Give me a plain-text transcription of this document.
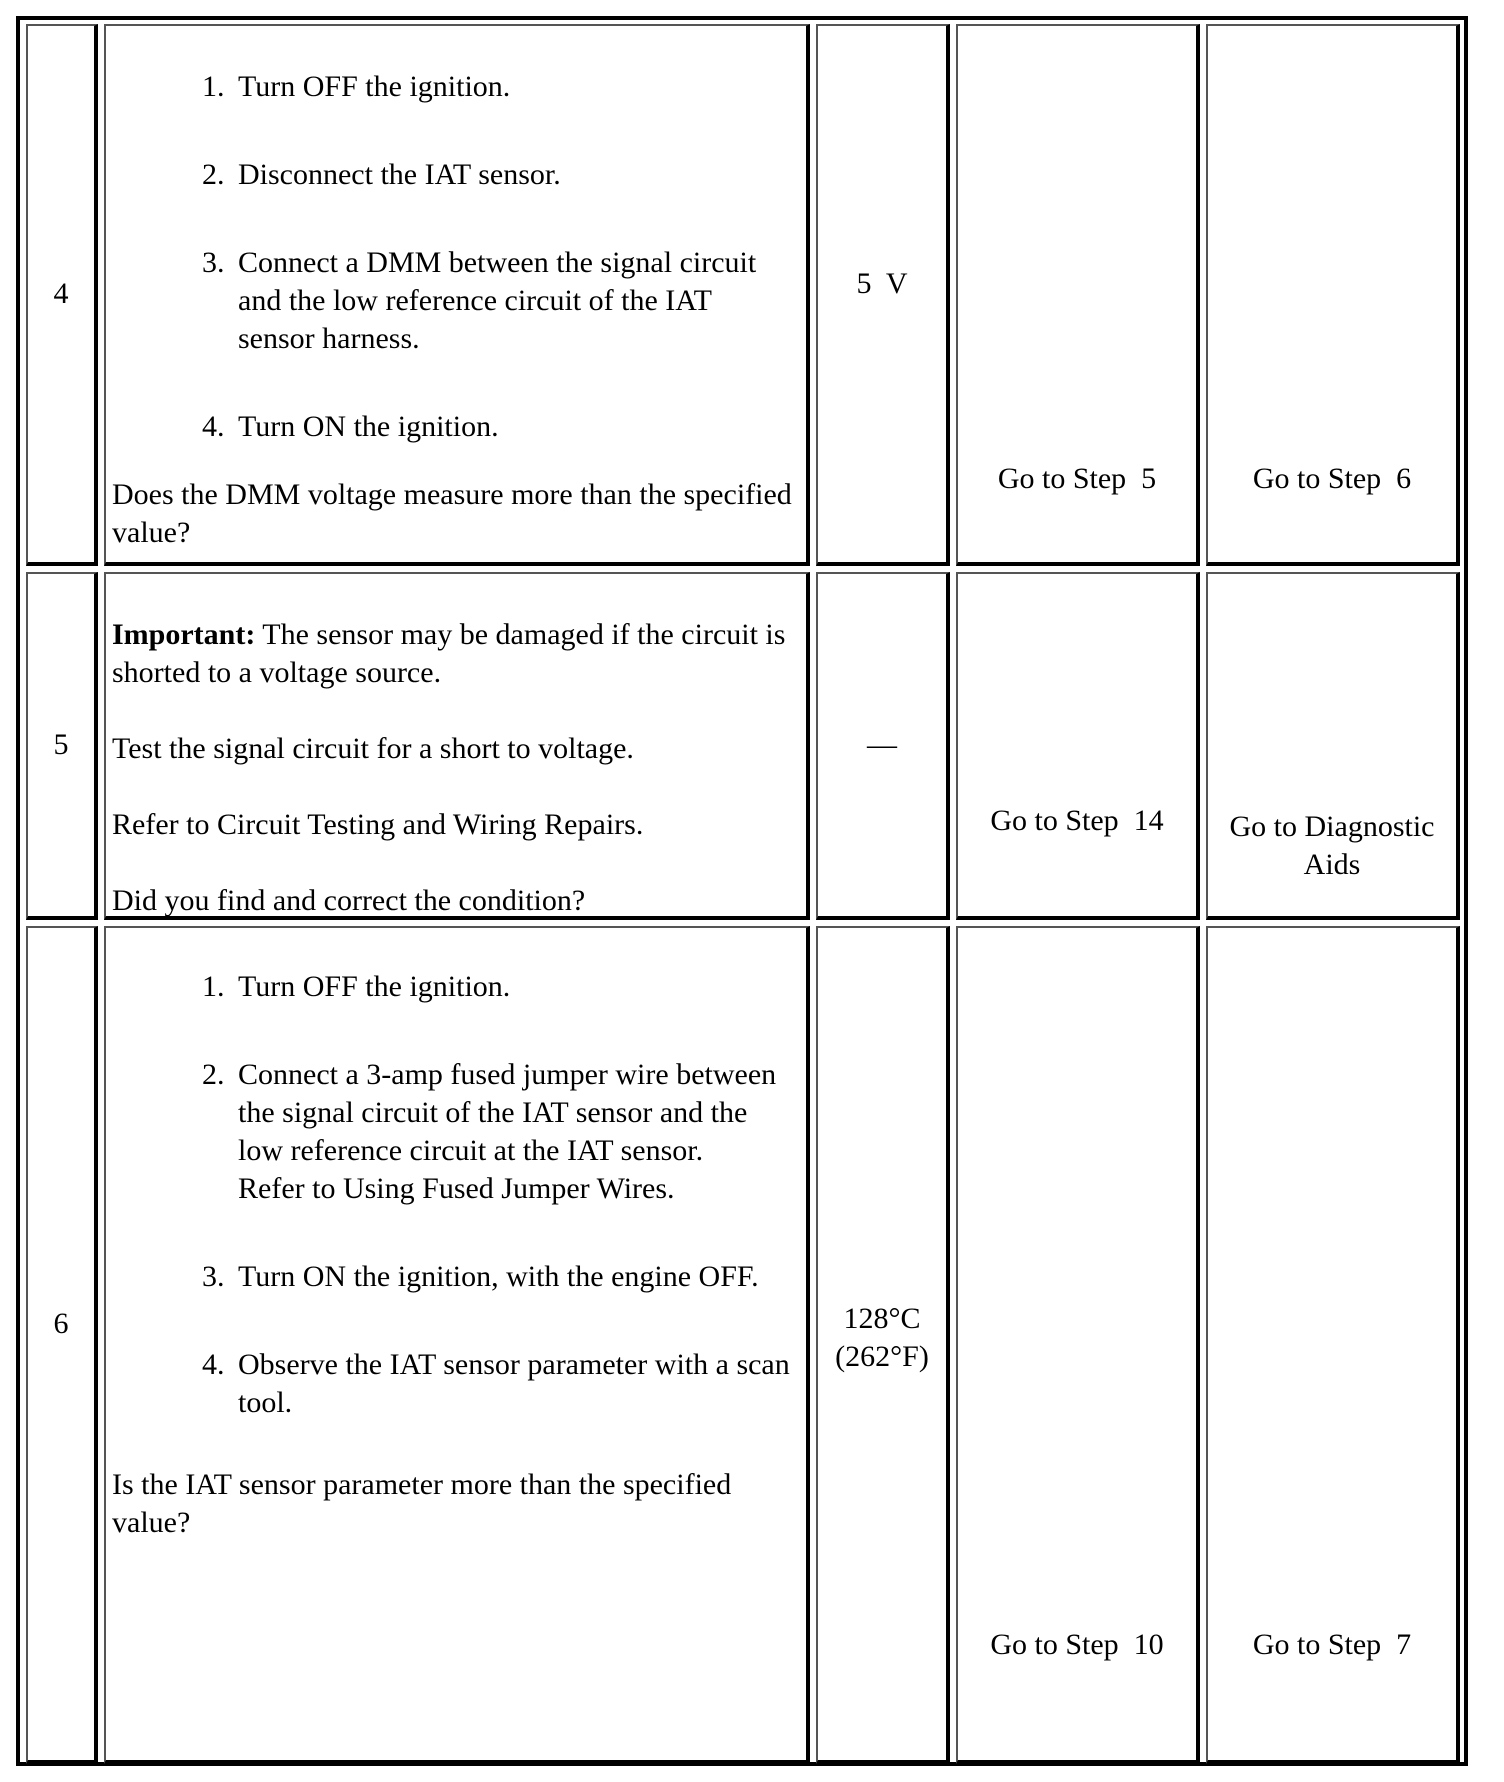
4
1. Turn OFF the ignition.
2. Disconnect the IAT sensor.
3. Connect a DMM between the signal circuit and the low reference circuit of the IAT sensor harness.
4. Turn ON the ignition.

Does the DMM voltage measure more than the specified value?

5  V
Go to Step  5	Go to Step  6
5

Important: The sensor may be damaged if the circuit is shorted to a voltage source.

Test the signal circuit for a short to voltage.

Refer to Circuit Testing and Wiring Repairs.

Did you find and correct the condition?

—
Go to Step  14 Go to Diagnostic Aids
6
1. Turn OFF the ignition.
2. Connect a 3-amp fused jumper wire between the signal circuit of the IAT sensor and the low reference circuit at the IAT sensor.
Refer to Using Fused Jumper Wires.
3. Turn ON the ignition, with the engine OFF.
4. Observe the IAT sensor parameter with a scan tool.

Is the IAT sensor parameter more than the specified value?

128°C
(262°F)
Go to Step  10	Go to Step  7
